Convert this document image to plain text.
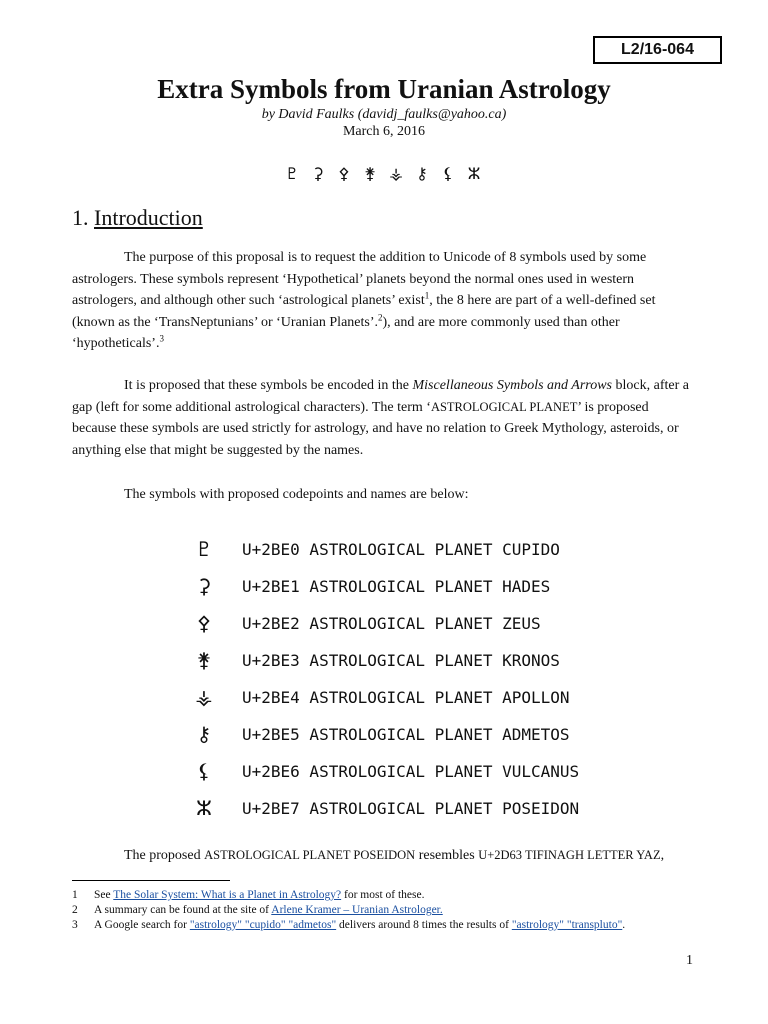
L2/16-064
Extra Symbols from Uranian Astrology
by David Faulks (davidj_faulks@yahoo.ca)
March 6, 2016
♇ ⚳ ⚴ ⚵ ⚶ ⚷ ⚸ ⵣ
1. Introduction

The purpose of this proposal is to request the addition to Unicode of 8 symbols used by some astrologers. These symbols represent ‘Hypothetical’ planets beyond the normal ones used in western astrologers, and although other such ‘astrological planets’ exist$^1$, the 8 here are part of a well-defined set (known as the ‘TransNeptunians’ or ‘Uranian Planets’.$^2$), and are more commonly used than other ‘hypotheticals’.$^3$

It is proposed that these symbols be encoded in the Miscellaneous Symbols and Arrows block, after a gap (left for some additional astrological characters). The term ‘ASTROLOGICAL PLANET’ is proposed because these symbols are used strictly for astrology, and have no relation to Greek Mythology, asteroids, or anything else that might be suggested by the names.

The symbols with proposed codepoints and names are below:

♇	U+2BE0 ASTROLOGICAL PLANET CUPIDO
⚳	U+2BE1 ASTROLOGICAL PLANET HADES
⚴	U+2BE2 ASTROLOGICAL PLANET ZEUS
⚵	U+2BE3 ASTROLOGICAL PLANET KRONOS
⚶	U+2BE4 ASTROLOGICAL PLANET APOLLON
⚷	U+2BE5 ASTROLOGICAL PLANET ADMETOS
⚸	U+2BE6 ASTROLOGICAL PLANET VULCANUS
ⵣ	U+2BE7 ASTROLOGICAL PLANET POSEIDON

The proposed ASTROLOGICAL PLANET POSEIDON resembles U+2D63 TIFINAGH LETTER YAZ,

1 See The Solar System: What is a Planet in Astrology? for most of these.
2 A summary can be found at the site of Arlene Kramer – Uranian Astrologer.
3 A Google search for "astrology" "cupido" "admetos" delivers around 8 times the results of "astrology" "transpluto".
1
